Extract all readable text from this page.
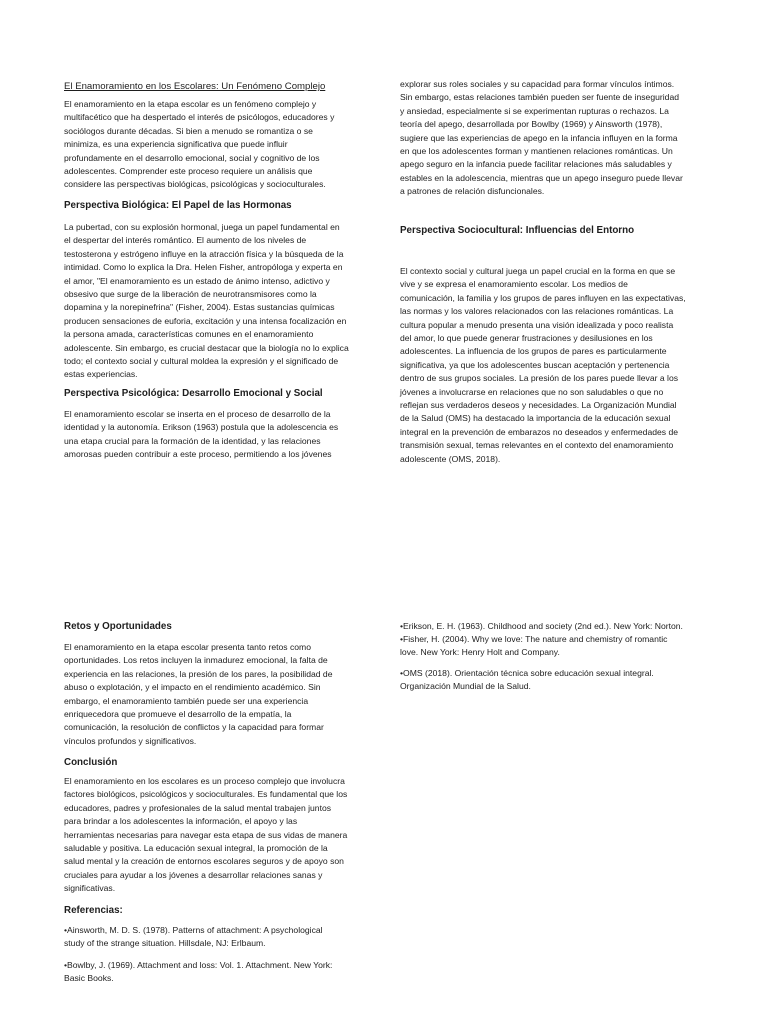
El Enamoramiento en los Escolares: Un Fenómeno Complejo

El enamoramiento en la etapa escolar es un fenómeno complejo y
multifacético que ha despertado el interés de psicólogos, educadores y
sociólogos durante décadas. Si bien a menudo se romantiza o se
minimiza, es una experiencia significativa que puede influir
profundamente en el desarrollo emocional, social y cognitivo de los
adolescentes. Comprender este proceso requiere un análisis que
considere las perspectivas biológicas, psicológicas y socioculturales.

Perspectiva Biológica: El Papel de las Hormonas

La pubertad, con su explosión hormonal, juega un papel fundamental en
el despertar del interés romántico. El aumento de los niveles de
testosterona y estrógeno influye en la atracción física y la búsqueda de la
intimidad. Como lo explica la Dra. Helen Fisher, antropóloga y experta en
el amor, "El enamoramiento es un estado de ánimo intenso, adictivo y
obsesivo que surge de la liberación de neurotransmisores como la
dopamina y la norepinefrina" (Fisher, 2004). Estas sustancias químicas
producen sensaciones de euforia, excitación y una intensa focalización en
la persona amada, características comunes en el enamoramiento
adolescente. Sin embargo, es crucial destacar que la biología no lo explica
todo; el contexto social y cultural moldea la expresión y el significado de
estas experiencias.

Perspectiva Psicológica: Desarrollo Emocional y Social

El enamoramiento escolar se inserta en el proceso de desarrollo de la
identidad y la autonomía. Erikson (1963) postula que la adolescencia es
una etapa crucial para la formación de la identidad, y las relaciones
amorosas pueden contribuir a este proceso, permitiendo a los jóvenes

explorar sus roles sociales y su capacidad para formar vínculos íntimos.
Sin embargo, estas relaciones también pueden ser fuente de inseguridad
y ansiedad, especialmente si se experimentan rupturas o rechazos. La
teoría del apego, desarrollada por Bowlby (1969) y Ainsworth (1978),
sugiere que las experiencias de apego en la infancia influyen en la forma
en que los adolescentes forman y mantienen relaciones románticas. Un
apego seguro en la infancia puede facilitar relaciones más saludables y
estables en la adolescencia, mientras que un apego inseguro puede llevar
a patrones de relación disfuncionales.

Perspectiva Sociocultural: Influencias del Entorno

El contexto social y cultural juega un papel crucial en la forma en que se
vive y se expresa el enamoramiento escolar. Los medios de
comunicación, la familia y los grupos de pares influyen en las expectativas,
las normas y los valores relacionados con las relaciones románticas. La
cultura popular a menudo presenta una visión idealizada y poco realista
del amor, lo que puede generar frustraciones y desilusiones en los
adolescentes. La influencia de los grupos de pares es particularmente
significativa, ya que los adolescentes buscan aceptación y pertenencia
dentro de sus grupos sociales. La presión de los pares puede llevar a los
jóvenes a involucrarse en relaciones que no son saludables o que no
reflejan sus verdaderos deseos y necesidades. La Organización Mundial
de la Salud (OMS) ha destacado la importancia de la educación sexual
integral en la prevención de embarazos no deseados y enfermedades de
transmisión sexual, temas relevantes en el contexto del enamoramiento
adolescente (OMS, 2018).

Retos y Oportunidades

El enamoramiento en la etapa escolar presenta tanto retos como
oportunidades. Los retos incluyen la inmadurez emocional, la falta de
experiencia en las relaciones, la presión de los pares, la posibilidad de
abuso o explotación, y el impacto en el rendimiento académico. Sin
embargo, el enamoramiento también puede ser una experiencia
enriquecedora que promueve el desarrollo de la empatía, la
comunicación, la resolución de conflictos y la capacidad para formar
vínculos profundos y significativos.

Conclusión

El enamoramiento en los escolares es un proceso complejo que involucra
factores biológicos, psicológicos y socioculturales. Es fundamental que los
educadores, padres y profesionales de la salud mental trabajen juntos
para brindar a los adolescentes la información, el apoyo y las
herramientas necesarias para navegar esta etapa de sus vidas de manera
saludable y positiva. La educación sexual integral, la promoción de la
salud mental y la creación de entornos escolares seguros y de apoyo son
cruciales para ayudar a los jóvenes a desarrollar relaciones sanas y
significativas.

Referencias:

•Ainsworth, M. D. S. (1978). Patterns of attachment: A psychological
study of the strange situation. Hillsdale, NJ: Erlbaum.

•Bowlby, J. (1969). Attachment and loss: Vol. 1. Attachment. New York:
Basic Books.

•Erikson, E. H. (1963). Childhood and society (2nd ed.). New York: Norton.

•Fisher, H. (2004). Why we love: The nature and chemistry of romantic
love. New York: Henry Holt and Company.

•OMS (2018). Orientación técnica sobre educación sexual integral.
Organización Mundial de la Salud.
